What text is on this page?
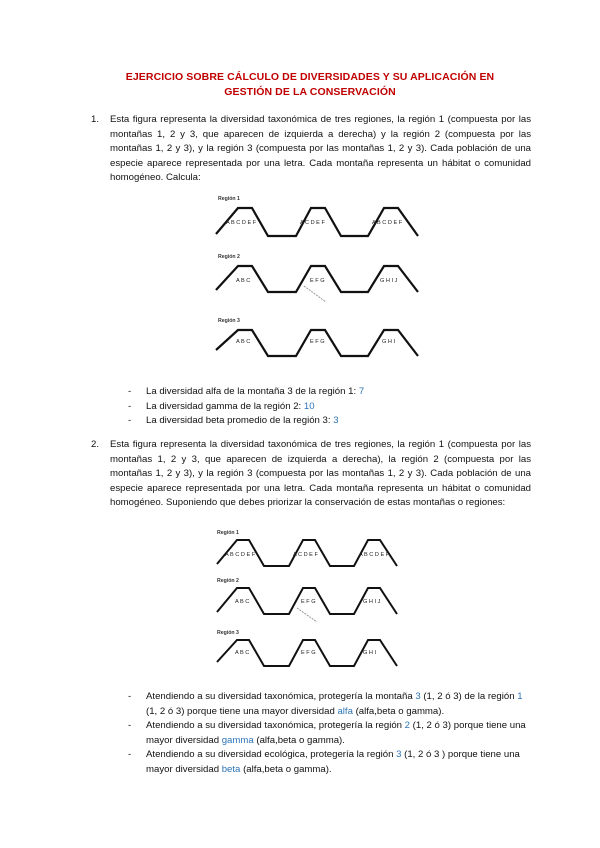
EJERCICIO SOBRE CÁLCULO DE DIVERSIDADES Y SU APLICACIÓN EN
GESTIÓN DE LA CONSERVACIÓN
1. Esta figura representa la diversidad taxonómica de tres regiones, la región 1 (compuesta por las montañas 1, 2 y 3, que aparecen de izquierda a derecha) y la región 2 (compuesta por las montañas 1, 2 y 3), y la región 3 (compuesta por las montañas 1, 2 y 3). Cada población de una especie aparece representada por una letra. Cada montaña representa un hábitat o comunidad homogéneo. Calcula:
Región 1
A B C D E F	A C D E F	A B C D E F
Región 2
A B C	E F G	G H I J
Región 3
A B C	E F G	G H I
- La diversidad alfa de la montaña 3 de la región 1: 7
- La diversidad gamma de la región 2: 10
- La diversidad beta promedio de la región 3: 3
2. Esta figura representa la diversidad taxonómica de tres regiones, la región 1 (compuesta por las montañas 1, 2 y 3, que aparecen de izquierda a derecha), la región 2 (compuesta por las montañas 1, 2 y 3), y la región 3 (compuesta por las montañas 1, 2 y 3). Cada población de una especie aparece representada por una letra. Cada montaña representa un hábitat o comunidad homogéneo. Suponiendo que debes priorizar la conservación de estas montañas o regiones:
Región 1
A B C D E F	A C D E F	A B C D E F
Región 2
A B C	E F G	G H I J
Región 3
A B C	E F G	G H I
- Atendiendo a su diversidad taxonómica, protegería la montaña 3 (1, 2 ó 3) de la región 1 (1, 2 ó 3) porque tiene una mayor diversidad alfa (alfa,beta o gamma).
- Atendiendo a su diversidad taxonómica, protegería la región 2 (1, 2 ó 3) porque tiene una mayor diversidad gamma (alfa,beta o gamma).
- Atendiendo a su diversidad ecológica, protegería la región 3 (1, 2 ó 3 ) porque tiene una mayor diversidad beta (alfa,beta o gamma).
